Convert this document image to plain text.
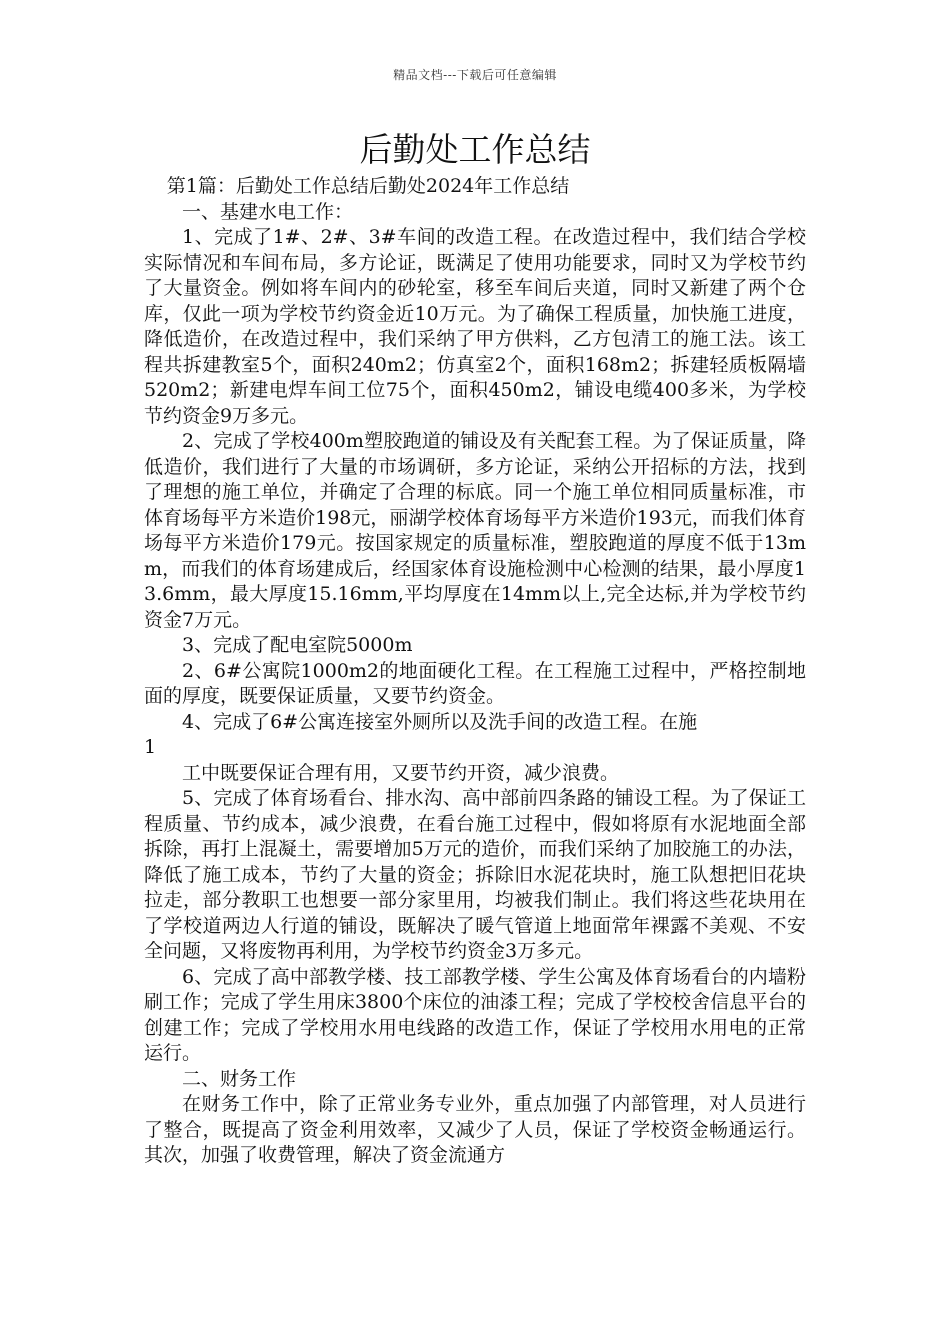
精品文档---下载后可任意编辑
后勤处工作总结

第1篇：后勤处工作总结后勤处2024年工作总结

一、基建水电工作：

1、完成了1#、2#、3#车间的改造工程。在改造过程中，我们结合学校实际情况和车间布局，多方论证，既满足了使用功能要求，同时又为学校节约了大量资金。例如将车间内的砂轮室，移至车间后夹道，同时又新建了两个仓库，仅此一项为学校节约资金近10万元。为了确保工程质量，加快施工进度，降低造价，在改造过程中，我们采纳了甲方供料，乙方包清工的施工法。该工程共拆建教室5个，面积240m2；仿真室2个，面积168m2；拆建轻质板隔墙520m2；新建电焊车间工位75个，面积450m2，铺设电缆400多米，为学校节约资金9万多元。

2、完成了学校400m塑胶跑道的铺设及有关配套工程。为了保证质量，降低造价，我们进行了大量的市场调研，多方论证，采纳公开招标的方法，找到了理想的施工单位，并确定了合理的标底。同一个施工单位相同质量标准，市体育场每平方米造价198元，丽湖学校体育场每平方米造价193元，而我们体育场每平方米造价179元。按国家规定的质量标准，塑胶跑道的厚度不低于13mm，而我们的体育场建成后，经国家体育设施检测中心检测的结果，最小厚度13.6mm，最大厚度15.16mm,平均厚度在14mm以上,完全达标,并为学校节约资金7万元。

3、完成了配电室院5000m

2、6#公寓院1000m2的地面硬化工程。在工程施工过程中，严格控制地面的厚度，既要保证质量，又要节约资金。

4、完成了6#公寓连接室外厕所以及洗手间的改造工程。在施

1

工中既要保证合理有用，又要节约开资，减少浪费。

5、完成了体育场看台、排水沟、高中部前四条路的铺设工程。为了保证工程质量、节约成本，减少浪费，在看台施工过程中，假如将原有水泥地面全部拆除，再打上混凝土，需要增加5万元的造价，而我们采纳了加胶施工的办法，降低了施工成本，节约了大量的资金；拆除旧水泥花块时，施工队想把旧花块拉走，部分教职工也想要一部分家里用，均被我们制止。我们将这些花块用在了学校道两边人行道的铺设，既解决了暖气管道上地面常年裸露不美观、不安全问题，又将废物再利用，为学校节约资金3万多元。

6、完成了高中部教学楼、技工部教学楼、学生公寓及体育场看台的内墙粉刷工作；完成了学生用床3800个床位的油漆工程；完成了学校校舍信息平台的创建工作；完成了学校用水用电线路的改造工作，保证了学校用水用电的正常运行。

二、财务工作

在财务工作中，除了正常业务专业外，重点加强了内部管理，对人员进行了整合，既提高了资金利用效率，又减少了人员，保证了学校资金畅通运行。其次，加强了收费管理，解决了资金流通方
